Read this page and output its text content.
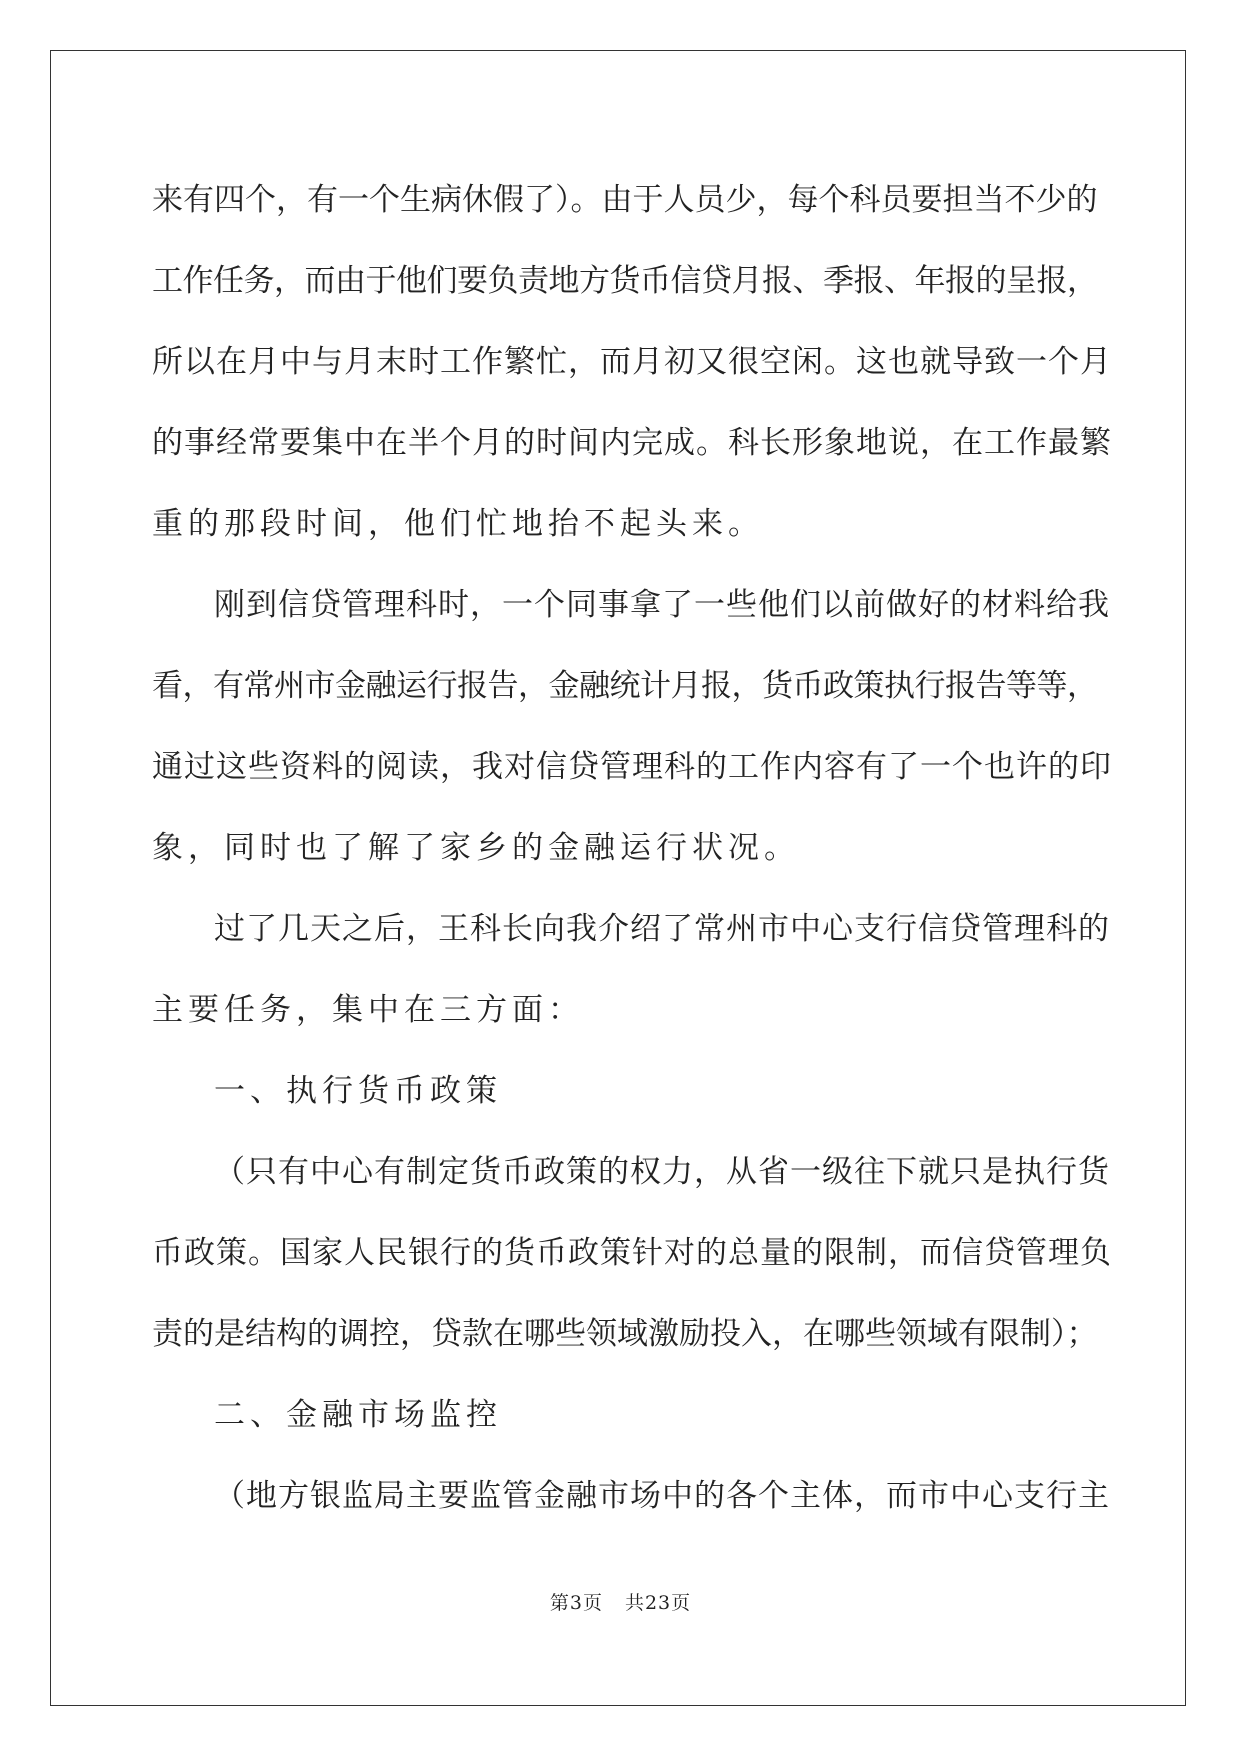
来有四个，有一个生病休假了）。由于人员少，每个科员要担当不少的
工作任务，而由于他们要负责地方货币信贷月报、季报、年报的呈报，
所以在月中与月末时工作繁忙，而月初又很空闲。这也就导致一个月
的事经常要集中在半个月的时间内完成。科长形象地说，在工作最繁
重的那段时间，他们忙地抬不起头来。
刚到信贷管理科时，一个同事拿了一些他们以前做好的材料给我
看，有常州市金融运行报告，金融统计月报，货币政策执行报告等等，
通过这些资料的阅读，我对信贷管理科的工作内容有了一个也许的印
象，同时也了解了家乡的金融运行状况。
过了几天之后，王科长向我介绍了常州市中心支行信贷管理科的
主要任务，集中在三方面：
一、执行货币政策
（只有中心有制定货币政策的权力，从省一级往下就只是执行货
币政策。国家人民银行的货币政策针对的总量的限制，而信贷管理负
责的是结构的调控，贷款在哪些领域激励投入，在哪些领域有限制）；
二、金融市场监控
（地方银监局主要监管金融市场中的各个主体，而市中心支行主

第3页 共23页
